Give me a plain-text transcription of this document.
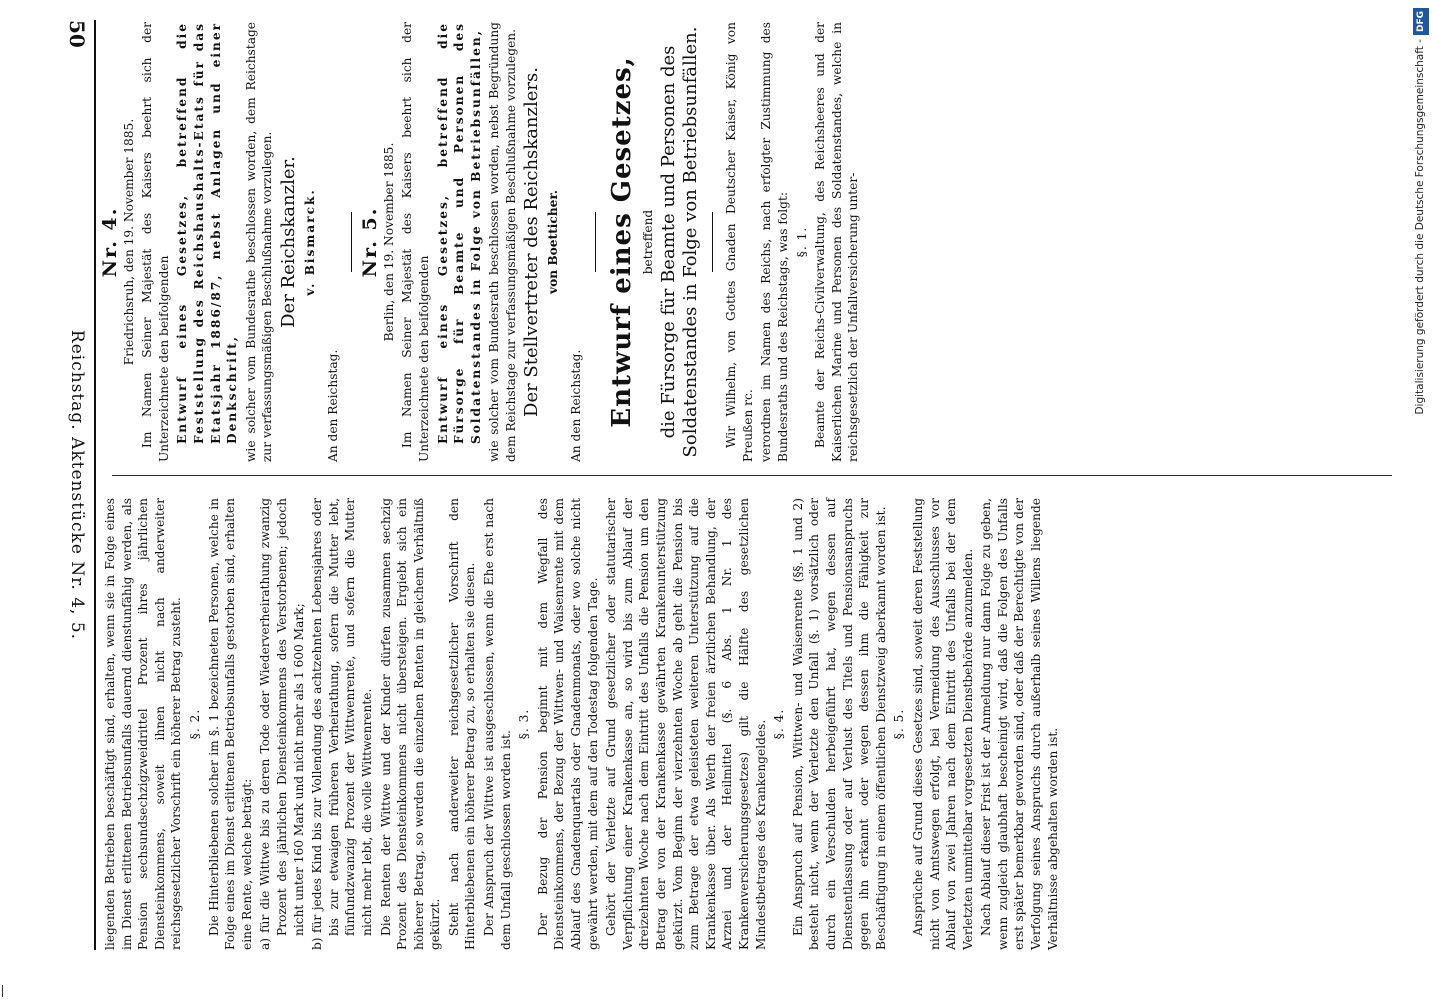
50
Reichstag. Aktenstücke Nr. 4, 5.

Nr. 4. Friedrichsruh, den 19. November 1885. Im Namen Seiner Majestät des Kaisers beehrt sich der Unterzeichnete den beifolgenden Entwurf eines Gesetzes, betreffend die Feststellung des Reichshaushalts-Etats für das Etatsjahr 1886/87, nebst Anlagen und einer Denkschrift, wie solcher vom Bundesrathe beschlossen worden, dem Reichstage zur verfassungsmäßigen Beschlußnahme vorzulegen. Der Reichskanzler. v. Bismarck.

An den Reichstag.

Nr. 5. Berlin, den 19. November 1885. Im Namen Seiner Majestät des Kaisers beehrt sich der Unterzeichnete den beifolgenden Entwurf eines Gesetzes, betreffend die Fürsorge für Beamte und Personen des Soldatenstandes in Folge von Betriebsunfällen, wie solcher vom Bundesrath beschlossen worden, nebst Begründung dem Reichstage zur verfassungsmäßigen Beschlußnahme vorzulegen. Der Stellvertreter des Reichskanzlers. von Boetticher.

An den Reichstag. Entwurf eines Gesetzes, betreffend die Fürsorge für Beamte und Personen des Soldatenstandes in Folge von Betriebsunfällen. Wir Wilhelm, von Gottes Gnaden Deutscher Kaiser, König von Preußen rc. verordnen im Namen des Reichs, nach erfolgter Zustimmung des Bundesraths und des Reichstags, was folgt: §. 1. Beamte der Reichs-Civilverwaltung, des Reichsheeres und der Kaiserlichen Marine und Personen des Soldatenstandes, welche in reichsgesetzlich der Unfallversicherung unter-

liegenden Betrieben beschäftigt sind, erhalten, wenn sie in Folge eines im Dienst erlittenen Betriebsunfalls dauernd dienstunfähig werden, als Pension sechsundsechzigzweidrittel Prozent ihres jährlichen Diensteinkommens, soweit ihnen nicht nach anderweiter reichsgesetzlicher Vorschrift ein höherer Betrag zusteht. §. 2. Die Hinterbliebenen solcher im §. 1 bezeichneten Personen, welche in Folge eines im Dienst erlittenen Betriebsunfalls gestorben sind, erhalten eine Rente, welche beträgt: a) für die Wittwe bis zu deren Tode oder Wiederverheirathung zwanzig Prozent des jährlichen Diensteinkommens des Verstorbenen; jedoch nicht unter 160 Mark und nicht mehr als 1 600 Mark; b) für jedes Kind bis zur Vollendung des achtzehnten Lebensjahres oder bis zur etwaigen früheren Verheirathung, sofern die Mutter lebt, fünfundzwanzig Prozent der Wittwenrente, und sofern die Mutter nicht mehr lebt, die volle Wittwenrente. Die Renten der Wittwe und der Kinder dürfen zusammen sechzig Prozent des Diensteinkommens nicht übersteigen. Ergiebt sich ein höherer Betrag, so werden die einzelnen Renten in gleichem Verhältniß gekürzt. Steht nach anderweiter reichsgesetzlicher Vorschrift den Hinterbliebenen ein höherer Betrag zu, so erhalten sie diesen. Der Anspruch der Wittwe ist ausgeschlossen, wenn die Ehe erst nach dem Unfall geschlossen worden ist.

§. 3. Der Bezug der Pension beginnt mit dem Wegfall des Diensteinkommens, der Bezug der Wittwen- und Waisenrente mit dem Ablauf des Gnadenquartals oder Gnadenmonats, oder wo solche nicht gewährt werden, mit dem auf den Todestag folgenden Tage. Gehört der Verletzte auf Grund gesetzlicher oder statutarischer Verpflichtung einer Krankenkasse an, so wird bis zum Ablauf der dreizehnten Woche nach dem Eintritt des Unfalls die Pension um den Betrag der von der Krankenkasse gewährten Krankenunterstützung gekürzt. Vom Beginn der vierzehnten Woche ab geht die Pension bis zum Betrage der etwa geleisteten weiteren Unterstützung auf die Krankenkasse über. Als Werth der freien ärztlichen Behandlung, der Arznei und der Heilmittel (§. 6 Abs. 1 Nr. 1 des Krankenversicherungsgesetzes) gilt die Hälfte des gesetzlichen Mindestbetrages des Krankengeldes. §. 4. Ein Anspruch auf Pension, Wittwen- und Waisenrente (§§. 1 und 2) besteht nicht, wenn der Verletzte den Unfall (§. 1) vorsätzlich oder durch ein Verschulden herbeigeführt hat, wegen dessen auf Dienstentlassung oder auf Verlust des Titels und Pensionsanspruchs gegen ihn erkannt oder wegen dessen ihm die Fähigkeit zur Beschäftigung in einem öffentlichen Dienstzweig aberkannt worden ist. §. 5. Ansprüche auf Grund dieses Gesetzes sind, soweit deren Feststellung nicht von Amtswegen erfolgt, bei Vermeidung des Ausschlusses vor Ablauf von zwei Jahren nach dem Eintritt des Unfalls bei der dem Verletzten unmittelbar vorgesetzten Dienstbehörde anzumelden. Nach Ablauf dieser Frist ist der Anmeldung nur dann Folge zu geben, wenn zugleich glaubhaft bescheinigt wird, daß die Folgen des Unfalls erst später bemerkbar geworden sind, oder daß der Berechtigte von der Verfolgung seines Anspruchs durch außerhalb seines Willens liegende Verhältnisse abgehalten worden ist.

Digitalisierung gefördert durch die Deutsche Forschungsgemeinschaft -DFG
